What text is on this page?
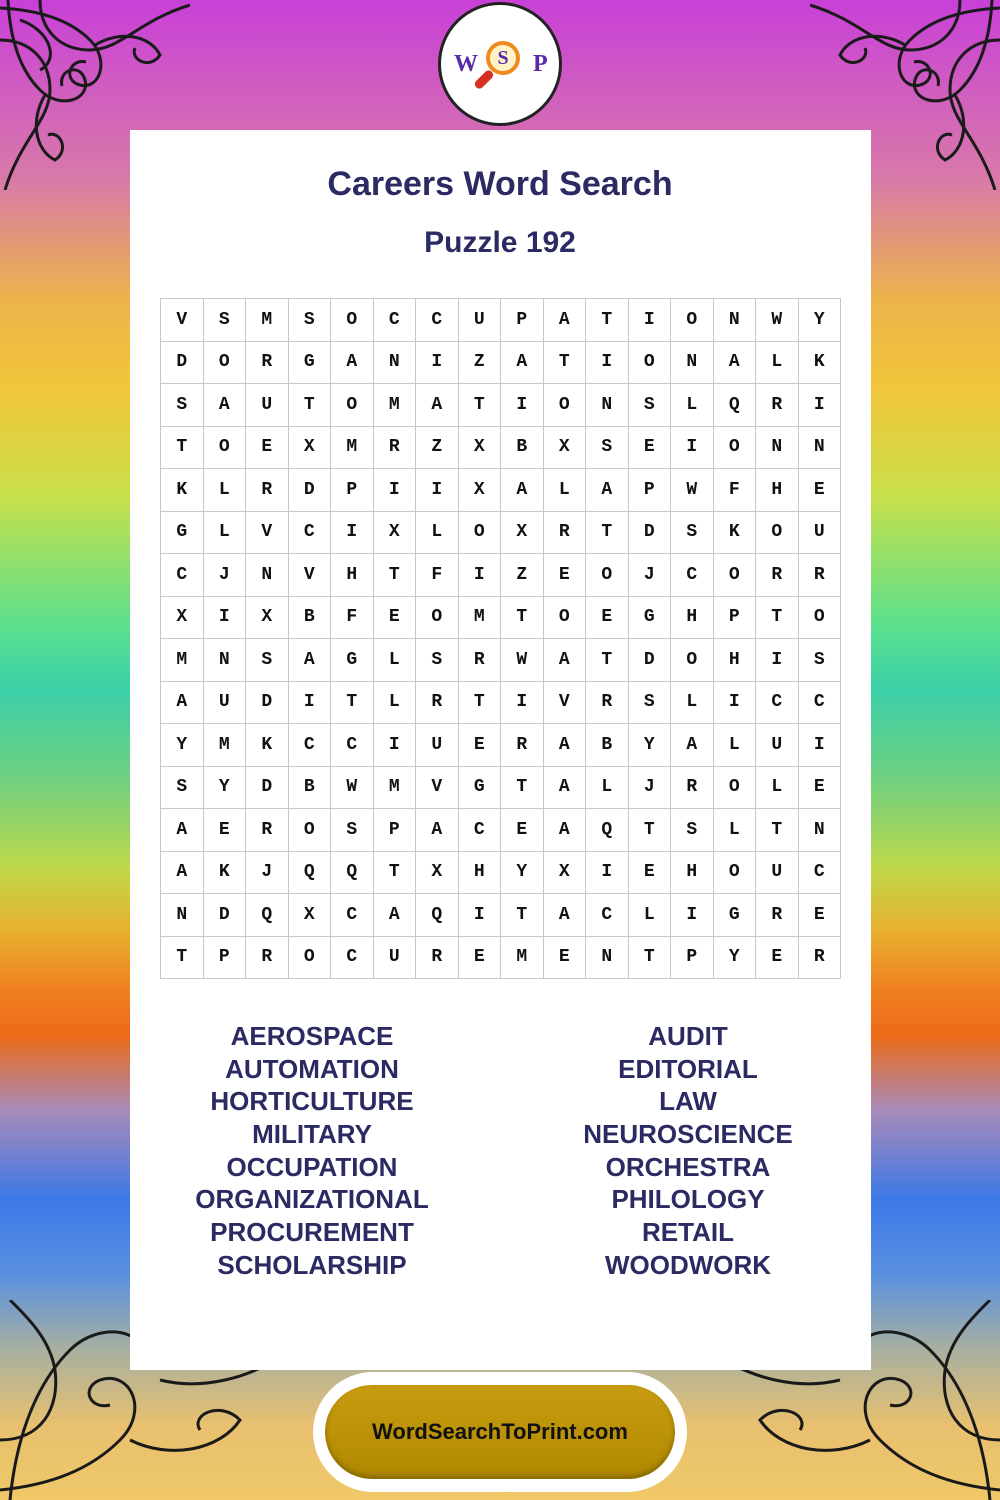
W S	P
Careers Word Search
Puzzle 192
V	S	M	S	O	C	C	U	P	A	T	I	O	N	W	Y
D	O	R	G	A	N	I	Z	A	T	I	O	N	A	L	K
S	A	U	T	O	M	A	T	I	O	N	S	L	Q	R	I
T	O	E	X	M	R	Z	X	B	X	S	E	I	O	N	N
K	L	R	D	P	I	I	X	A	L	A	P	W	F	H	E
G	L	V	C	I	X	L	O	X	R	T	D	S	K	O	U
C	J	N	V	H	T	F	I	Z	E	O	J	C	O	R	R
X	I	X	B	F	E	O	M	T	O	E	G	H	P	T	O
M	N	S	A	G	L	S	R	W	A	T	D	O	H	I	S
A	U	D	I	T	L	R	T	I	V	R	S	L	I	C	C
Y	M	K	C	C	I	U	E	R	A	B	Y	A	L	U	I
S	Y	D	B	W	M	V	G	T	A	L	J	R	O	L	E
A	E	R	O	S	P	A	C	E	A	Q	T	S	L	T	N
A	K	J	Q	Q	T	X	H	Y	X	I	E	H	O	U	C
N	D	Q	X	C	A	Q	I	T	A	C	L	I	G	R	E
T	P	R	O	C	U	R	E	M	E	N	T	P	Y	E	R
AEROSPACE
AUTOMATION
HORTICULTURE
MILITARY
OCCUPATION
ORGANIZATIONAL
PROCUREMENT
SCHOLARSHIP
AUDIT
EDITORIAL
LAW
NEUROSCIENCE
ORCHESTRA
PHILOLOGY
RETAIL
WOODWORK
WordSearchToPrint.com
